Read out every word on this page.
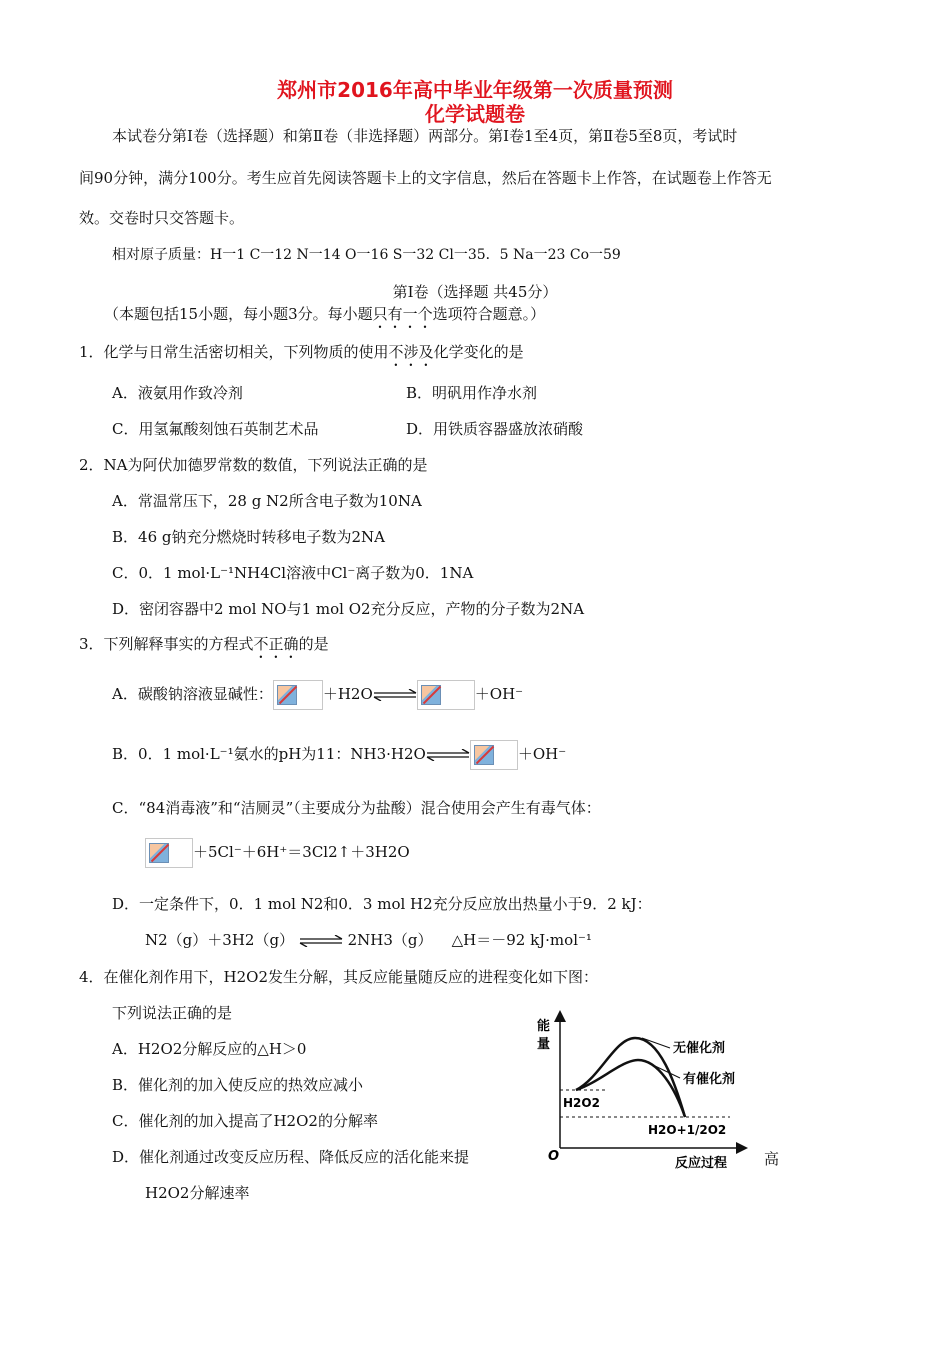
郑州市2016年高中毕业年级第一次质量预测
化学试题卷
本试卷分第Ⅰ卷（选择题）和第Ⅱ卷（非选择题）两部分。第Ⅰ卷1至4页，第Ⅱ卷5至8页，考试时
间90分钟，满分100分。考生应首先阅读答题卡上的文字信息，然后在答题卡上作答，在试题卷上作答无
效。交卷时只交答题卡。
相对原子质量：H一1 C一12 N一14 O一16 S一32 Cl一35．5 Na一23 Co一59
第Ⅰ卷（选择题 共45分）
（本题包括15小题，每小题3分。每小题只有一个选项符合题意。）
1．化学与日常生活密切相关，下列物质的使用不涉及化学变化的是
A．液氨用作致冷剂	B．明矾用作净水剂
C．用氢氟酸刻蚀石英制艺术品	D．用铁质容器盛放浓硝酸
2．NA为阿伏加德罗常数的数值，下列说法正确的是
A．常温常压下，28 g N2所含电子数为10NA
B．46 g钠充分燃烧时转移电子数为2NA
C．0．1 mol·L⁻¹NH4Cl溶液中Cl⁻离子数为0．1NA
D．密闭容器中2 mol NO与1 mol O2充分反应，产物的分子数为2NA
3．下列解释事实的方程式不正确的是
A．碳酸钠溶液显碱性：	＋H2O⇌	＋OH⁻
B．0．1 mol·L⁻¹氨水的pH为11：NH3·H2O⇌	＋OH⁻
C．“84消毒液”和“洁厕灵”（主要成分为盐酸）混合使用会产生有毒气体：
＋5Cl⁻＋6H⁺＝3Cl2↑＋3H2O
D．一定条件下，0．1 mol N2和0．3 mol H2充分反应放出热量小于9．2 kJ：
N2（g）＋3H2（g） ⇌ 2NH3（g） △H＝－92 kJ·mol⁻¹
4．在催化剂作用下，H2O2发生分解，其反应能量随反应的进程变化如下图：
下列说法正确的是
A．H2O2分解反应的△H＞0
B．催化剂的加入使反应的热效应减小
C．催化剂的加入提高了H2O2的分解率
D．催化剂通过改变反应历程、降低反应的活化能来提	高
H2O2分解速率
能
量
O	反应过程
无催化剂
有催化剂
H2O2
H2O+1/2O2
